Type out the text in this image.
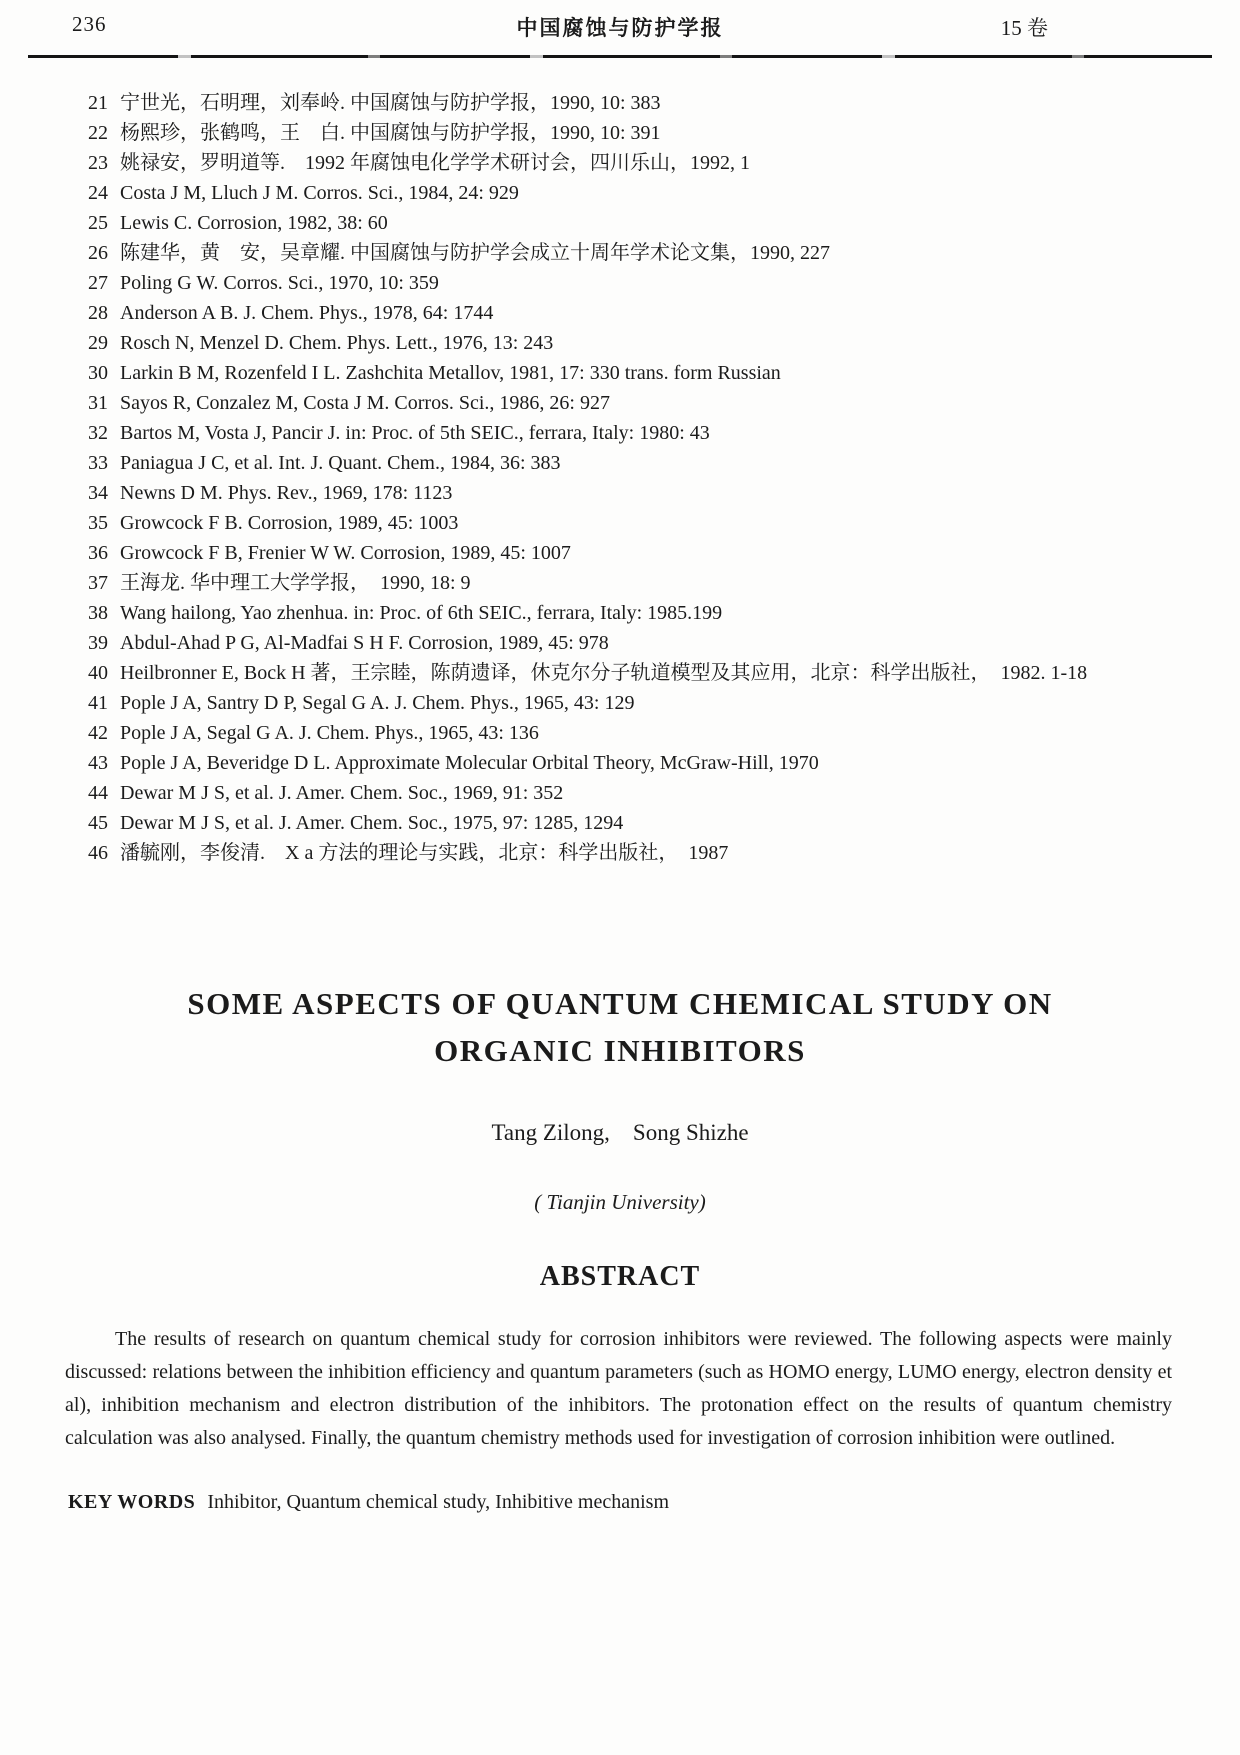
236	中国腐蚀与防护学报	15 卷
21 宁世光，石明理，刘奉岭. 中国腐蚀与防护学报，1990, 10: 383
22 杨熙珍，张鹤鸣，王　白. 中国腐蚀与防护学报，1990, 10: 391
23 姚禄安，罗明道等.　1992 年腐蚀电化学学术研讨会，四川乐山，1992, 1
24 Costa J M, Lluch J M. Corros. Sci., 1984, 24: 929
25 Lewis C. Corrosion, 1982, 38: 60
26 陈建华，黄　安，吴章耀. 中国腐蚀与防护学会成立十周年学术论文集，1990, 227
27 Poling G W. Corros. Sci., 1970, 10: 359
28 Anderson A B. J. Chem. Phys., 1978, 64: 1744
29 Rosch N, Menzel D. Chem. Phys. Lett., 1976, 13: 243
30 Larkin B M, Rozenfeld I L. Zashchita Metallov, 1981, 17: 330 trans. form Russian
31 Sayos R, Conzalez M, Costa J M. Corros. Sci., 1986, 26: 927
32 Bartos M, Vosta J, Pancir J. in: Proc. of 5th SEIC., ferrara, Italy: 1980: 43
33 Paniagua J C, et al. Int. J. Quant. Chem., 1984, 36: 383
34 Newns D M. Phys. Rev., 1969, 178: 1123
35 Growcock F B. Corrosion, 1989, 45: 1003
36 Growcock F B, Frenier W W. Corrosion, 1989, 45: 1007
37 王海龙. 华中理工大学学报， 1990, 18: 9
38 Wang hailong, Yao zhenhua. in: Proc. of 6th SEIC., ferrara, Italy: 1985.199
39 Abdul-Ahad P G, Al-Madfai S H F. Corrosion, 1989, 45: 978
40 Heilbronner E, Bock H 著，王宗睦，陈荫遗译，休克尔分子轨道模型及其应用，北京：科学出版社， 1982. 1-18
41 Pople J A, Santry D P, Segal G A. J. Chem. Phys., 1965, 43: 129
42 Pople J A, Segal G A. J. Chem. Phys., 1965, 43: 136
43 Pople J A, Beveridge D L. Approximate Molecular Orbital Theory, McGraw-Hill, 1970
44 Dewar M J S, et al. J. Amer. Chem. Soc., 1969, 91: 352
45 Dewar M J S, et al. J. Amer. Chem. Soc., 1975, 97: 1285, 1294
46 潘毓刚，李俊清.　X a 方法的理论与实践，北京：科学出版社， 1987
SOME ASPECTS OF QUANTUM CHEMICAL STUDY ON
ORGANIC INHIBITORS
Tang Zilong, Song Shizhe
( Tianjin University)
ABSTRACT
The results of research on quantum chemical study for corrosion inhibitors were reviewed. The following aspects were mainly discussed: relations between the inhibition efficiency and quantum parameters (such as HOMO energy, LUMO energy, electron density et al), inhibition mechanism and electron distribution of the inhibitors. The protonation effect on the results of quantum chemistry calculation was also analysed. Finally, the quantum chemistry methods used for investigation of corrosion inhibition were outlined.
KEY WORDS Inhibitor, Quantum chemical study, Inhibitive mechanism
